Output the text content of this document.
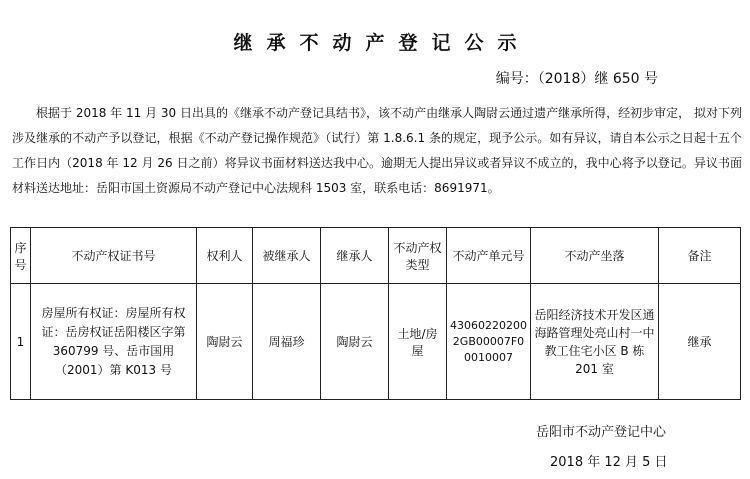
继承不动产登记公示
编号：（2018）继 650 号

根据于 2018 年 11 月 30 日出具的《继承不动产登记具结书》，该不动产由继承人陶尉云通过遗产继承所得，经初步审定， 拟对下列涉及继承的不动产予以登记，根据《不动产登记操作规范》（试行）第 1.8.6.1 条的规定，现予公示。如有异议，请自本公示之日起十五个工作日内（2018 年 12 月 26 日之前）将异议书面材料送达我中心。逾期无人提出异议或者异议不成立的，我中心将予以登记。异议书面材料送达地址：岳阳市国土资源局不动产登记中心法规科 1503 室，联系电话：8691971。

序号	不动产权证书号	权利人	被继承人	继承人	不动产权类型	不动产单元号	不动产坐落	备注
1	房屋所有权证：房屋所有权证：岳房权证岳阳楼区字第 360799 号、岳市国用（2001）第 K013 号	陶尉云	周福珍	陶尉云	土地/房屋	430602202002GB00007F00010007	岳阳经济技术开发区通海路管理处亮山村一中教工住宅小区 B 栋 201 室	继承
岳阳市不动产登记中心
2018 年 12 月 5 日
